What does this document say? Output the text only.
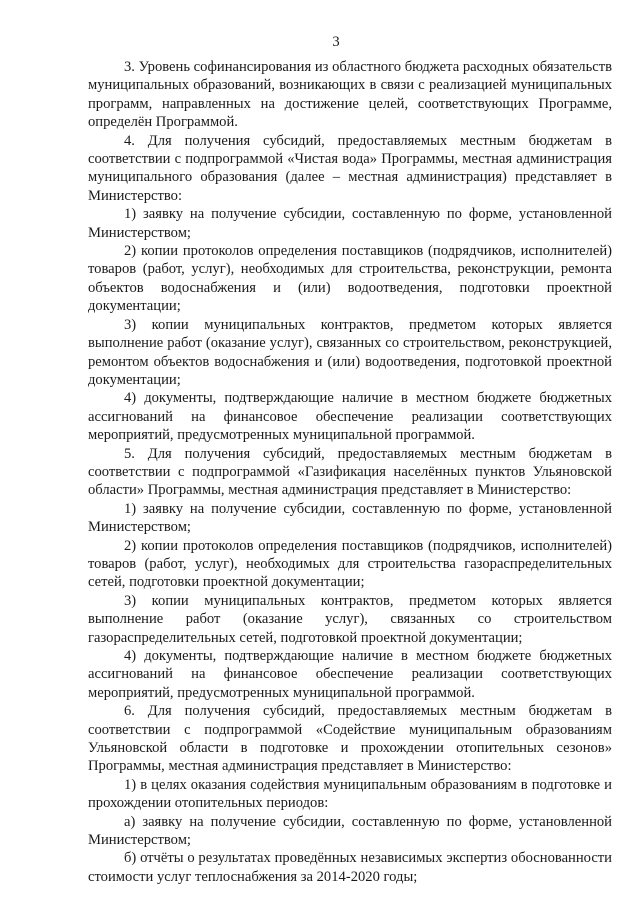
3

3. Уровень софинансирования из областного бюджета расходных обязательств муниципальных образований, возникающих в связи с реализацией муниципальных программ, направленных на достижение целей, соответствующих Программе, определён Программой.

4. Для получения субсидий, предоставляемых местным бюджетам в соответствии с подпрограммой «Чистая вода» Программы, местная администрация муниципального образования (далее – местная администрация) представляет в Министерство:

1) заявку на получение субсидии, составленную по форме, установленной Министерством;

2) копии протоколов определения поставщиков (подрядчиков, исполнителей) товаров (работ, услуг), необходимых для строительства, реконструкции, ремонта объектов водоснабжения и (или) водоотведения, подготовки проектной документации;

3) копии муниципальных контрактов, предметом которых является выполнение работ (оказание услуг), связанных со строительством, реконструкцией, ремонтом объектов водоснабжения и (или) водоотведения, подготовкой проектной документации;

4) документы, подтверждающие наличие в местном бюджете бюджетных ассигнований на финансовое обеспечение реализации соответствующих мероприятий, предусмотренных муниципальной программой.

5. Для получения субсидий, предоставляемых местным бюджетам в соответствии с подпрограммой «Газификация населённых пунктов Ульяновской области» Программы, местная администрация представляет в Министерство:

1) заявку на получение субсидии, составленную по форме, установленной Министерством;

2) копии протоколов определения поставщиков (подрядчиков, исполнителей) товаров (работ, услуг), необходимых для строительства газораспределительных сетей, подготовки проектной документации;

3) копии муниципальных контрактов, предметом которых является выполнение работ (оказание услуг), связанных со строительством газораспределительных сетей, подготовкой проектной документации;

4) документы, подтверждающие наличие в местном бюджете бюджетных ассигнований на финансовое обеспечение реализации соответствующих мероприятий, предусмотренных муниципальной программой.

6. Для получения субсидий, предоставляемых местным бюджетам в соответствии с подпрограммой «Содействие муниципальным образованиям Ульяновской области в подготовке и прохождении отопительных сезонов» Программы, местная администрация представляет в Министерство:

1) в целях оказания содействия муниципальным образованиям в подготовке и прохождении отопительных периодов:

а) заявку на получение субсидии, составленную по форме, установленной Министерством;

б) отчёты о результатах проведённых независимых экспертиз обоснованности стоимости услуг теплоснабжения за 2014-2020 годы;
